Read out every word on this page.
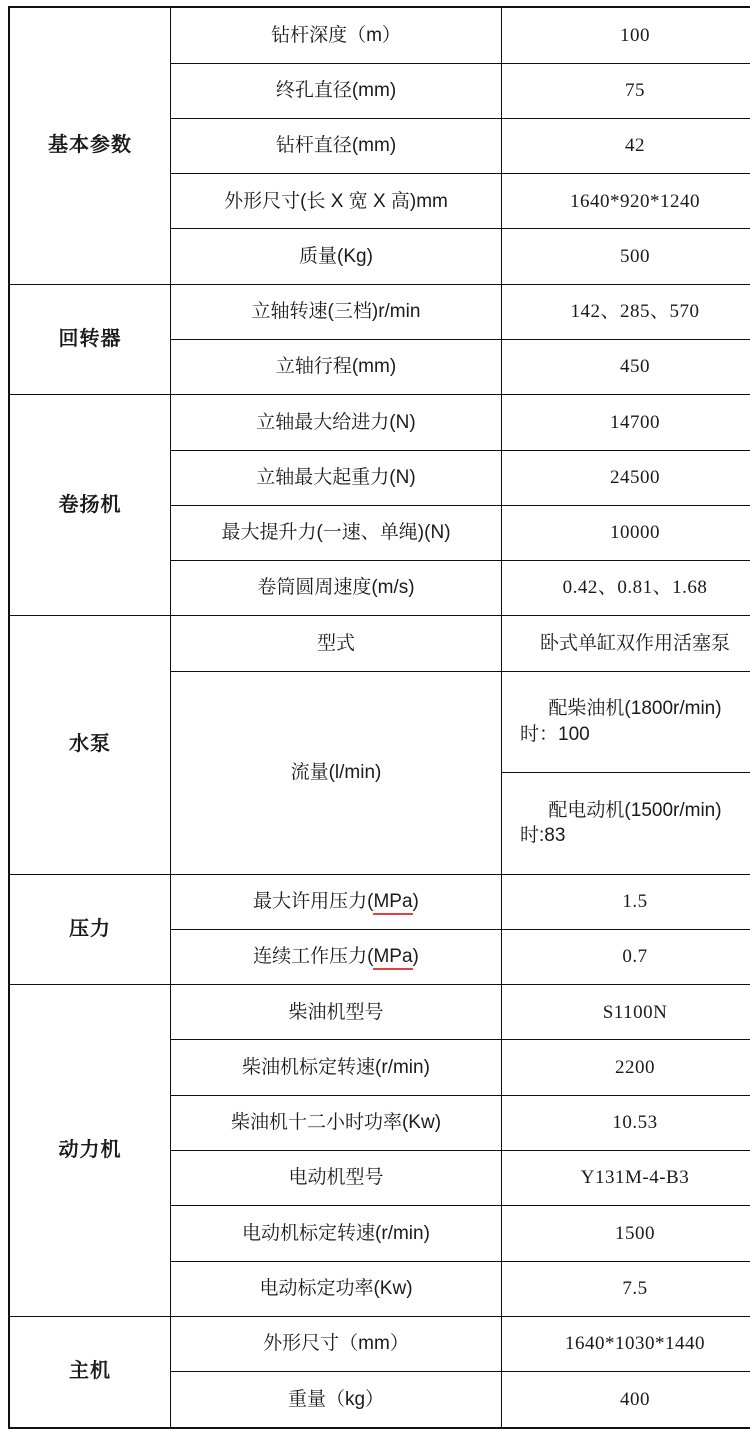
基本参数	钻杆深度（m）	100
	终孔直径(mm)	75
	钻杆直径(mm)	42
	外形尺寸(长 X 宽 X 高)mm	1640*920*1240
	质量(Kg)	500
回转器	立轴转速(三档)r/min	142、285、570
	立轴行程(mm)	450
卷扬机	立轴最大给进力(N)	14700
	立轴最大起重力(N)	24500
	最大提升力(一速、单绳)(N)	10000
	卷筒圆周速度(m/s)	0.42、0.81、1.68
水泵	型式	卧式单缸双作用活塞泵
	流量(l/min)	配柴油机(1800r/min)
时：100

		配电动机(1500r/min)
时:83

压力	最大许用压力(MPa)	1.5
	连续工作压力(MPa)	0.7
动力机	柴油机型号	S1100N
	柴油机标定转速(r/min)	2200
	柴油机十二小时功率(Kw)	10.53
	电动机型号	Y131M-4-B3
	电动机标定转速(r/min)	1500
	电动标定功率(Kw)	7.5
主机	外形尺寸（mm）	1640*1030*1440
	重量（kg）	400
